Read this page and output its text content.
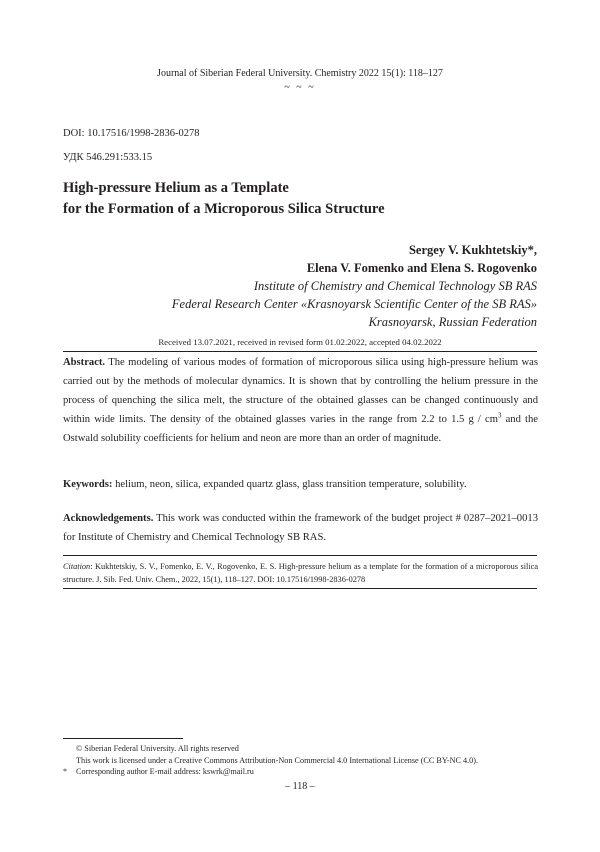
Journal of Siberian Federal University. Chemistry 2022 15(1): 118–127
~ ~ ~
DOI: 10.17516/1998-2836-0278
УДК 546.291:533.15
High-pressure Helium as a Template
for the Formation of a Microporous Silica Structure
Sergey V. Kukhtetskiy*,
Elena V. Fomenko and Elena S. Rogovenko
Institute of Chemistry and Chemical Technology SB RAS
Federal Research Center «Krasnoyarsk Scientific Center of the SB RAS»
Krasnoyarsk, Russian Federation
Received 13.07.2021, received in revised form 01.02.2022, accepted 04.02.2022
Abstract. The modeling of various modes of formation of microporous silica using high-pressure helium was carried out by the methods of molecular dynamics. It is shown that by controlling the helium pressure in the process of quenching the silica melt, the structure of the obtained glasses can be changed continuously and within wide limits. The density of the obtained glasses varies in the range from 2.2 to 1.5 g / $cm^3$ and the Ostwald solubility coefficients for helium and neon are more than an order of magnitude.
Keywords: helium, neon, silica, expanded quartz glass, glass transition temperature, solubility.
Acknowledgements. This work was conducted within the framework of the budget project # 0287–2021–0013 for Institute of Chemistry and Chemical Technology SB RAS.
Citation: Kukhtetskiy, S. V., Fomenko, E. V., Rogovenko, E. S. High-pressure helium as a template for the formation of a microporous silica structure. J. Sib. Fed. Univ. Chem., 2022, 15(1), 118–127. DOI: 10.17516/1998-2836-0278
© Siberian Federal University. All rights reserved
This work is licensed under a Creative Commons Attribution-Non Commercial 4.0 International License (CC BY-NC 4.0).
* Corresponding author E-mail address: kswrk@mail.ru
– 118 –
